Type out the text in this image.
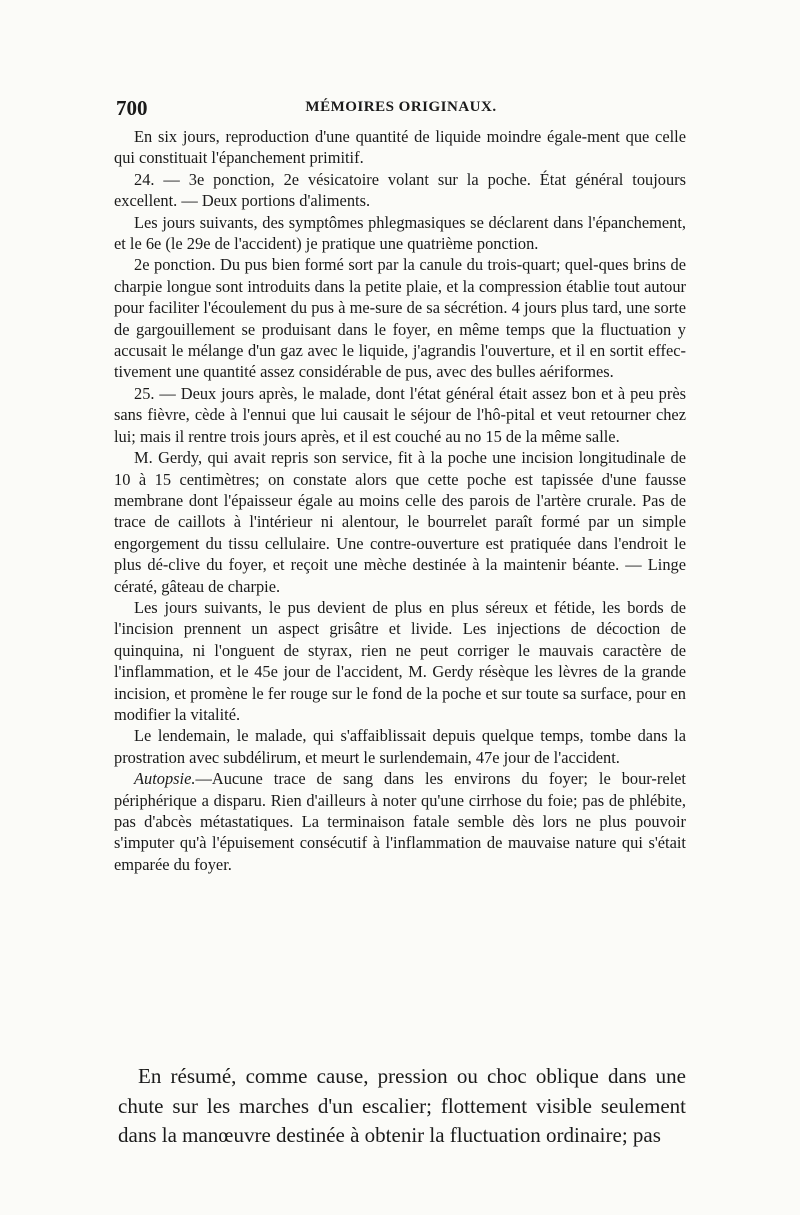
700	MÉMOIRES ORIGINAUX.

En six jours, reproduction d'une quantité de liquide moindre égale-ment que celle qui constituait l'épanchement primitif.

24. — 3e ponction, 2e vésicatoire volant sur la poche. État général toujours excellent. — Deux portions d'aliments.

Les jours suivants, des symptômes phlegmasiques se déclarent dans l'épanchement, et le 6e (le 29e de l'accident) je pratique une quatrième ponction.

2e ponction. Du pus bien formé sort par la canule du trois-quart; quel-ques brins de charpie longue sont introduits dans la petite plaie, et la compression établie tout autour pour faciliter l'écoulement du pus à me-sure de sa sécrétion. 4 jours plus tard, une sorte de gargouillement se produisant dans le foyer, en même temps que la fluctuation y accusait le mélange d'un gaz avec le liquide, j'agrandis l'ouverture, et il en sortit effec-tivement une quantité assez considérable de pus, avec des bulles aériformes.

25. — Deux jours après, le malade, dont l'état général était assez bon et à peu près sans fièvre, cède à l'ennui que lui causait le séjour de l'hô-pital et veut retourner chez lui; mais il rentre trois jours après, et il est couché au no 15 de la même salle.

M. Gerdy, qui avait repris son service, fit à la poche une incision longitudinale de 10 à 15 centimètres; on constate alors que cette poche est tapissée d'une fausse membrane dont l'épaisseur égale au moins celle des parois de l'artère crurale. Pas de trace de caillots à l'intérieur ni alentour, le bourrelet paraît formé par un simple engorgement du tissu cellulaire. Une contre-ouverture est pratiquée dans l'endroit le plus dé-clive du foyer, et reçoit une mèche destinée à la maintenir béante. — Linge cératé, gâteau de charpie.

Les jours suivants, le pus devient de plus en plus séreux et fétide, les bords de l'incision prennent un aspect grisâtre et livide. Les injections de décoction de quinquina, ni l'onguent de styrax, rien ne peut corriger le mauvais caractère de l'inflammation, et le 45e jour de l'accident, M. Gerdy résèque les lèvres de la grande incision, et promène le fer rouge sur le fond de la poche et sur toute sa surface, pour en modifier la vitalité.

Le lendemain, le malade, qui s'affaiblissait depuis quelque temps, tombe dans la prostration avec subdélirum, et meurt le surlendemain, 47e jour de l'accident.

Autopsie.—Aucune trace de sang dans les environs du foyer; le bour-relet périphérique a disparu. Rien d'ailleurs à noter qu'une cirrhose du foie; pas de phlébite, pas d'abcès métastatiques. La terminaison fatale semble dès lors ne plus pouvoir s'imputer qu'à l'épuisement consécutif à l'inflammation de mauvaise nature qui s'était emparée du foyer.

En résumé, comme cause, pression ou choc oblique dans une chute sur les marches d'un escalier; flottement visible seulement dans la manœuvre destinée à obtenir la fluctuation ordinaire; pas
